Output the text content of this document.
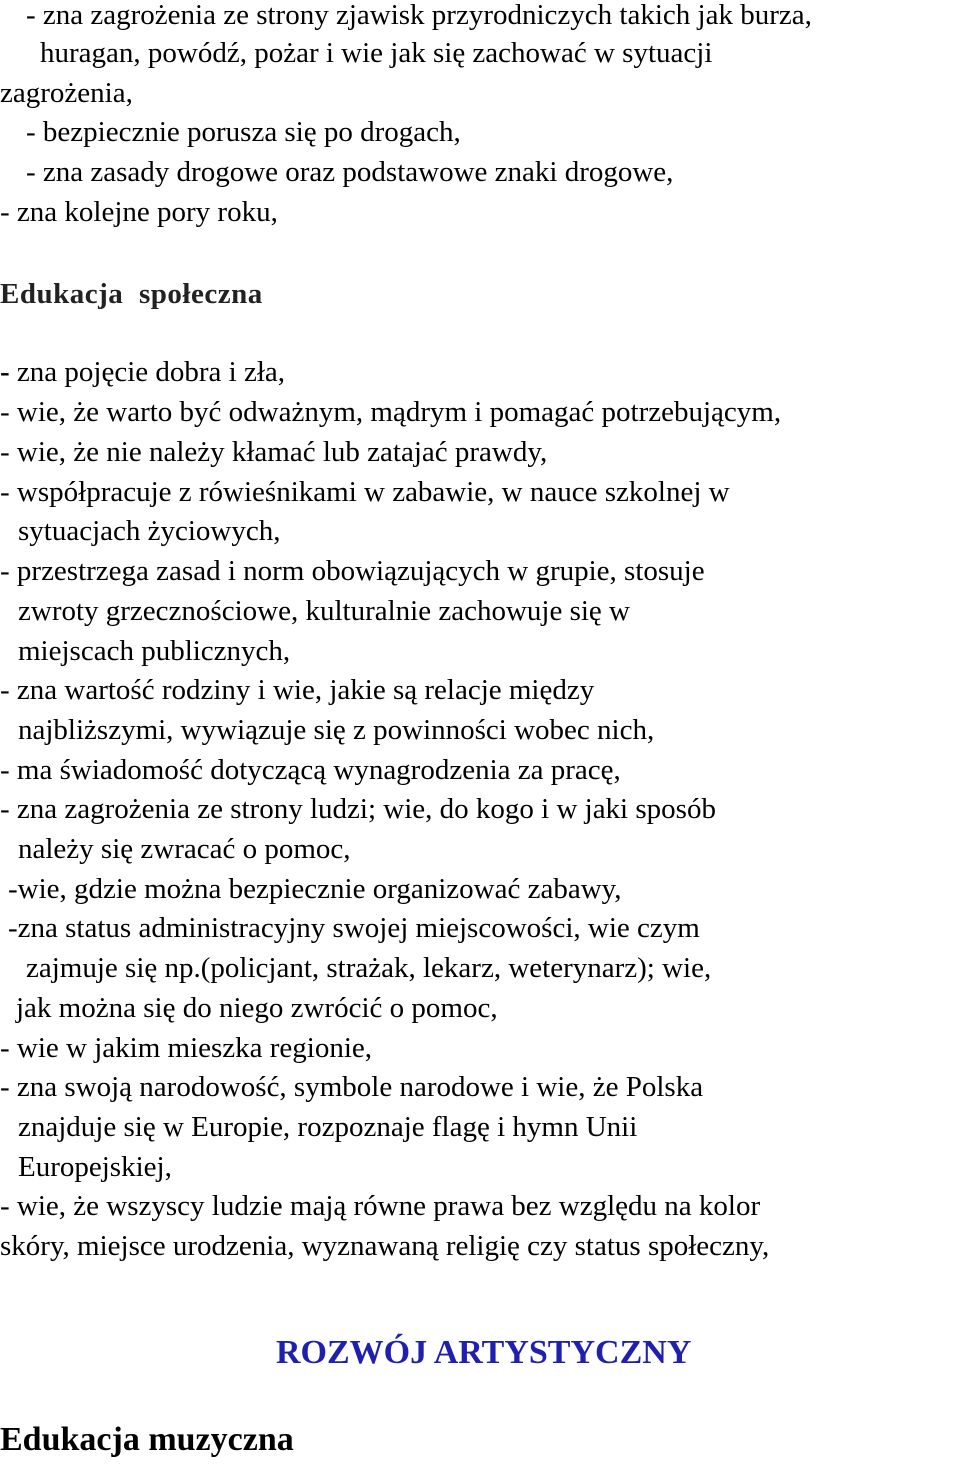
- zna zagrożenia ze strony zjawisk przyrodniczych takich jak burza,

huragan, powódź, pożar i wie jak się zachować w sytuacji

zagrożenia,

- bezpiecznie porusza się po drogach,

- zna zasady drogowe oraz podstawowe znaki drogowe,

- zna kolejne pory roku,

Edukacja społeczna

- zna pojęcie dobra i zła,

- wie, że warto być odważnym, mądrym i pomagać potrzebującym,

- wie, że nie należy kłamać lub zatajać prawdy,

- współpracuje z rówieśnikami w zabawie, w nauce szkolnej w

sytuacjach życiowych,

- przestrzega zasad i norm obowiązujących w grupie, stosuje

zwroty grzecznościowe, kulturalnie zachowuje się w

miejscach publicznych,

- zna wartość rodziny i wie, jakie są relacje między

najbliższymi, wywiązuje się z powinności wobec nich,

- ma świadomość dotyczącą wynagrodzenia za pracę,

- zna zagrożenia ze strony ludzi; wie, do kogo i w jaki sposób

należy się zwracać o pomoc,

-wie, gdzie można bezpiecznie organizować zabawy,

-zna status administracyjny swojej miejscowości, wie czym

zajmuje się np.(policjant, strażak, lekarz, weterynarz); wie,

jak można się do niego zwrócić o pomoc,

- wie w jakim mieszka regionie,

- zna swoją narodowość, symbole narodowe i wie, że Polska

znajduje się w Europie, rozpoznaje flagę i hymn Unii

Europejskiej,

- wie, że wszyscy ludzie mają równe prawa bez względu na kolor

skóry, miejsce urodzenia, wyznawaną religię czy status społeczny,

ROZWÓJ ARTYSTYCZNY

Edukacja muzyczna
